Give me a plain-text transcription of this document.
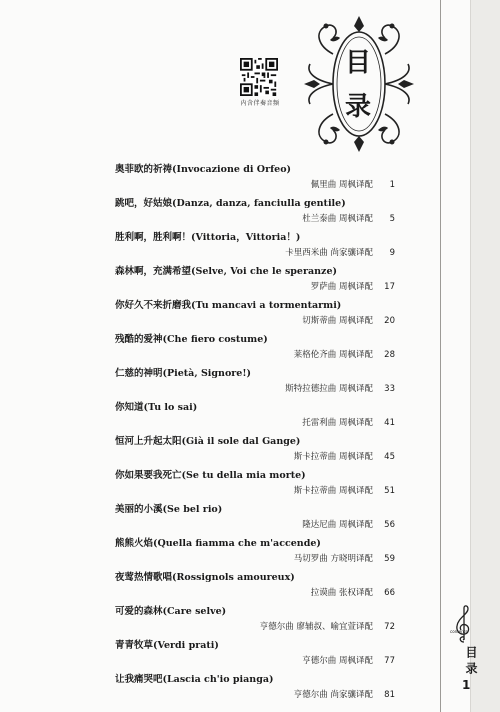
内含伴奏音频
目
录
奥菲欧的祈祷(Invocazione di Orfeo)
佩里曲 周枫译配 1
跳吧，好姑娘(Danza, danza, fanciulla gentile)
杜兰泰曲 周枫译配 5
胜利啊，胜利啊！(Vittoria，Vittoria！)
卡里西米曲 尚家骧译配 9
森林啊，充满希望(Selve, Voi che le speranze)
罗萨曲 周枫译配 17
你好久不来折磨我(Tu mancavi a tormentarmi)
切斯蒂曲 周枫译配 20
残酷的爱神(Che fiero costume)
莱格伦齐曲 周枫译配 28
仁慈的神明(Pietà, Signore!)
斯特拉德拉曲 周枫译配 33
你知道(Tu lo sai)
托雷利曲 周枫译配 41
恒河上升起太阳(Già il sole dal Gange)
斯卡拉蒂曲 周枫译配 45
你如果要我死亡(Se tu della mia morte)
斯卡拉蒂曲 周枫译配 51
美丽的小溪(Se bel rio)
隆达尼曲 周枫译配 56
熊熊火焰(Quella fiamma che m'accende)
马切罗曲 方晓明译配 59
夜莺热情歌唱(Rossignols amoureux)
拉谟曲 张权译配 66
可爱的森林(Care selve)
亨德尔曲 廖辅叔、喻宜萱译配 72
青青牧草(Verdi prati)
亨德尔曲 周枫译配 77
让我痛哭吧(Lascia ch'io pianga)
亨德尔曲 尚家骧译配 81
contents
目录
1
